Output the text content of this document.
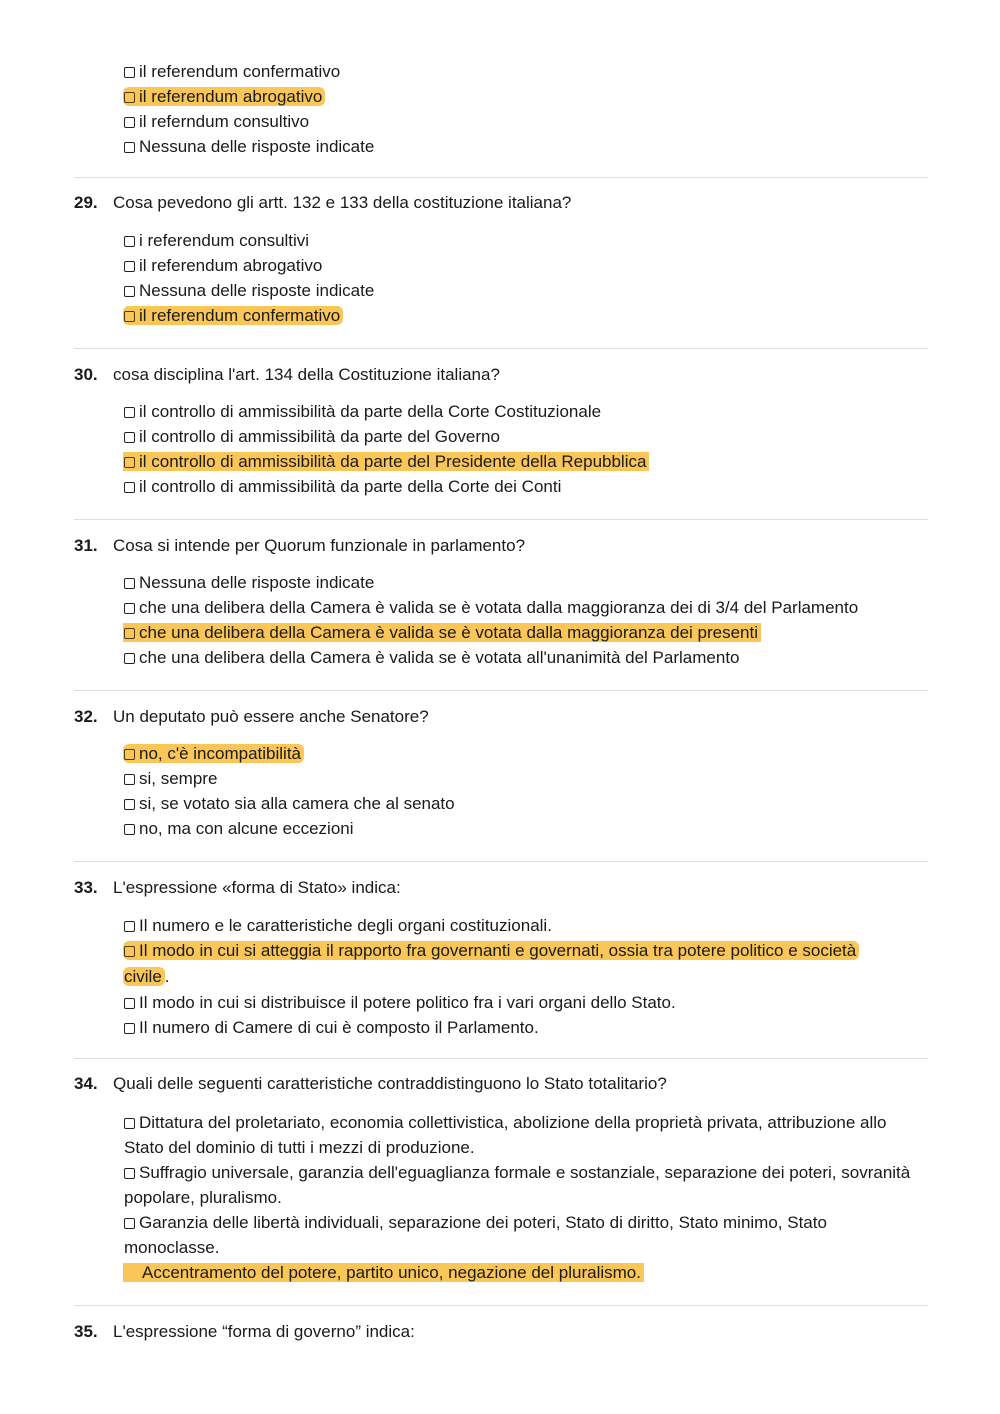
il referendum confermativo
il referendum abrogativo
il referndum consultivo
Nessuna delle risposte indicate
29. Cosa pevedono gli artt. 132 e 133 della costituzione italiana?
i referendum consultivi
il referendum abrogativo
Nessuna delle risposte indicate
il referendum confermativo
30. cosa disciplina l'art. 134 della Costituzione italiana?
il controllo di ammissibilità da parte della Corte Costituzionale
il controllo di ammissibilità da parte del Governo
il controllo di ammissibilità da parte del Presidente della Repubblica
il controllo di ammissibilità da parte della Corte dei Conti
31. Cosa si intende per Quorum funzionale in parlamento?
Nessuna delle risposte indicate
che una delibera della Camera è valida se è votata dalla maggioranza dei di 3/4 del Parlamento
che una delibera della Camera è valida se è votata dalla maggioranza dei presenti
che una delibera della Camera è valida se è votata all'unanimità del Parlamento
32. Un deputato può essere anche Senatore?
no, c'è incompatibilità
si, sempre
si, se votato sia alla camera che al senato
no, ma con alcune eccezioni
33. L'espressione «forma di Stato» indica:
Il numero e le caratteristiche degli organi costituzionali.
Il modo in cui si atteggia il rapporto fra governanti e governati, ossia tra potere politico e società civile .
Il modo in cui si distribuisce il potere politico fra i vari organi dello Stato.
Il numero di Camere di cui è composto il Parlamento.
34. Quali delle seguenti caratteristiche contraddistinguono lo Stato totalitario?
Dittatura del proletariato, economia collettivistica, abolizione della proprietà privata, attribuzione allo Stato del dominio di tutti i mezzi di produzione.
Suffragio universale, garanzia dell'eguaglianza formale e sostanziale, separazione dei poteri, sovranità popolare, pluralismo.
Garanzia delle libertà individuali, separazione dei poteri, Stato di diritto, Stato minimo, Stato monoclasse.
Accentramento del potere, partito unico, negazione del pluralismo.
35. L'espressione “forma di governo” indica:
